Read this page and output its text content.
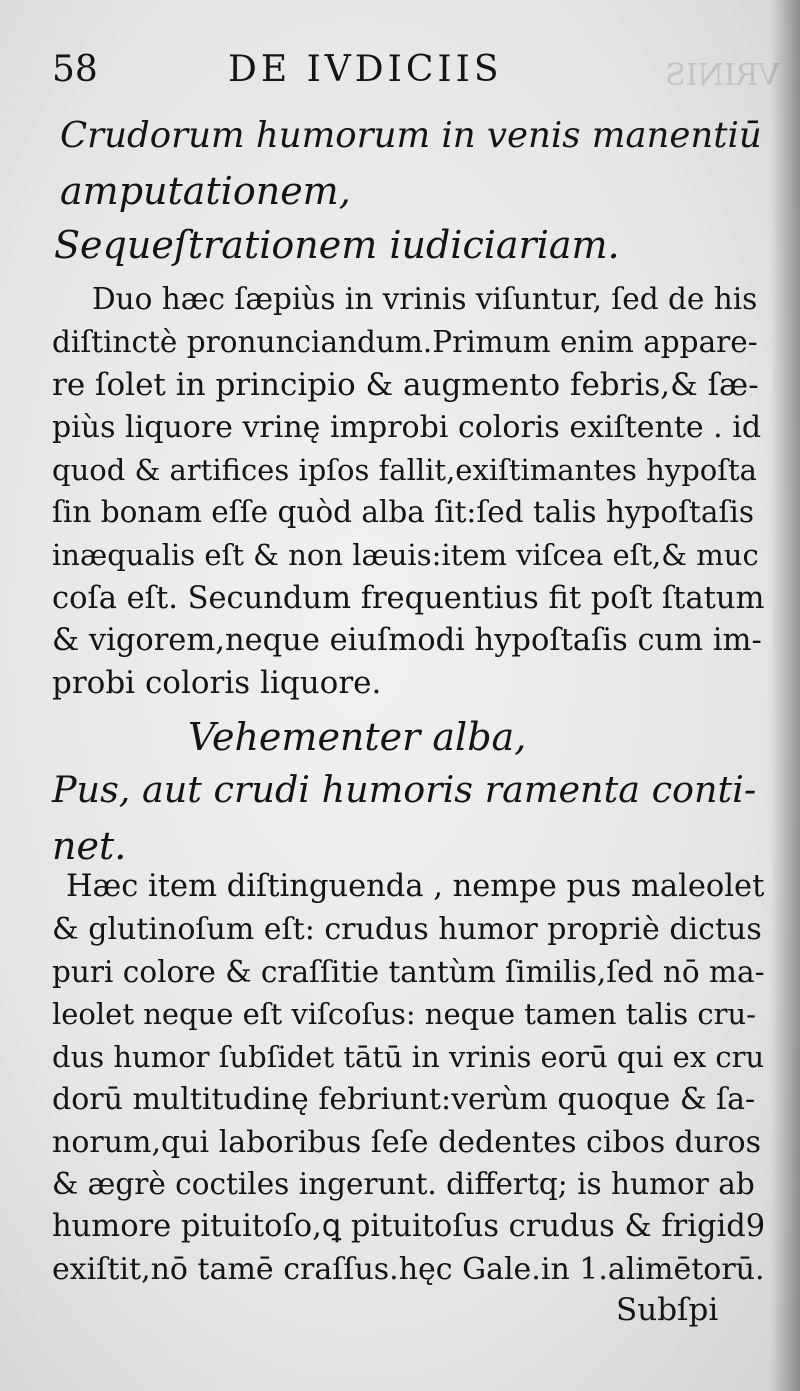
VRINIS
58	DE IVDICIIS
Crudorum humorum in venis manentiū
amputationem,
Sequeſtrationem iudiciariam.
Duo hæc ſæpiùs in vrinis viſuntur, ſed de his
diſtinctè pronunciandum.Primum enim appare-
re ſolet in principio & augmento febris,& ſæ-
piùs liquore vrinę improbi coloris exiſtente . id
quod & artifices ipſos fallit,exiſtimantes hypoſta
ſin bonam eſſe quòd alba ſit:ſed talis hypoſtaſis
inæqualis eſt & non læuis:item viſcea eſt,& muc
coſa eſt. Secundum frequentius fit poſt ſtatum
& vigorem,neque eiuſmodi hypoſtaſis cum im-
probi coloris liquore.
Vehementer alba,
Pus, aut crudi humoris ramenta conti-
net.
Hæc item diſtinguenda , nempe pus maleolet
& glutinoſum eſt: crudus humor propriè dictus
puri colore & craſſitie tantùm ſimilis,ſed nō ma-
leolet neque eſt viſcoſus: neque tamen talis cru-
dus humor ſubſidet tātū in vrinis eorū qui ex cru
dorū multitudinę febriunt:verùm quoque & ſa-
norum,qui laboribus ſeſe dedentes cibos duros
& ægrè coctiles ingerunt. differtq; is humor ab
humore pituitoſo,ꝗ pituitoſus crudus & frigid9
exiſtit,nō tamē craſſus.hęc Gale.in 1.alimētorū.
Subſpi
